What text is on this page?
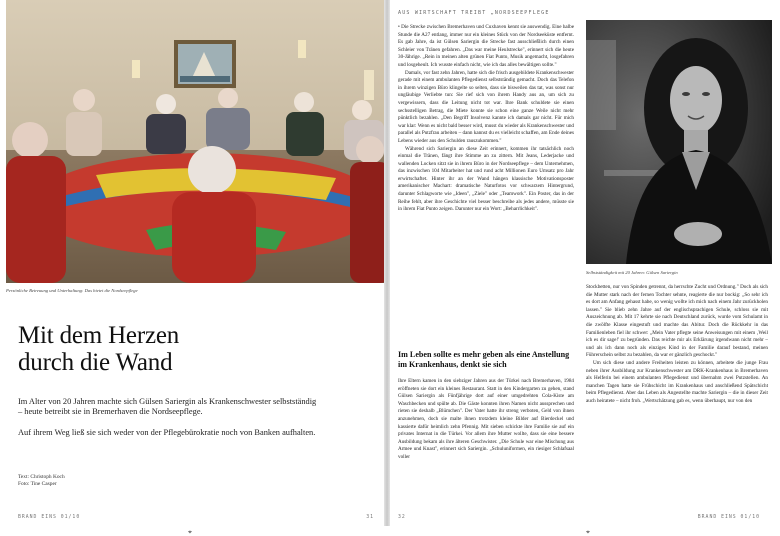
Persönliche Betreuung und Unterhaltung: Das bietet die Nordseepflege
Mit dem Herzen
durch die Wand

Im Alter von 20 Jahren machte sich Gülsen Sariergin als Krankenschwester selbstständig – heute betreibt sie in Bremerhaven die Nordseepflege.

Auf ihrem Weg ließ sie sich weder von der Pflegebürokratie noch von Banken aufhalten.

Text: Christoph Koch
Foto: Tine Casper
BRAND EINS 01/10	31
AUS WIRTSCHAFT TREIBT „NORDSEEPFLEGE

• Die Strecke zwischen Bremerhaven und Cuxhaven kennt sie auswendig. Eine halbe Stunde die A27 entlang, immer nur ein kleines Stück von der Nordseeküste entfernt. Es gab Jahre, da ist Gülsen Sariergin die Strecke fast ausschließlich durch einen Schleier von Tränen gefahren. „Das war meine Heulstrecke", erinnert sich die heute 30-Jährige. „Rein in meinen alten grünen Fiat Punto, Musik angemacht, losgefahren und losgeheult. Ich wusste einfach nicht, wie ich das alles bewältigen sollte."

Damals, vor fast zehn Jahren, hatte sich die frisch ausgebildete Krankenschwester gerade mit einem ambulanten Pflegedienst selbstständig gemacht. Doch das Telefon in ihrem winzigen Büro klingelte so selten, dass sie bisweilen das tat, was sonst nur ungläubige Verliebte tun: Sie rief sich von ihrem Handy aus an, um sich zu vergewissern, dass die Leitung nicht tot war. Ihre Bank schuldete sie einen sechsstelligen Betrag, die Miete konnte sie schon eine ganze Weile nicht mehr pünktlich bezahlen. „Den Begriff Insolvenz kannte ich damals gar nicht. Für mich war klar: Wenn es nicht bald besser wird, musst du wieder als Krankenschwester und parallel als Putzfrau arbeiten – dann kannst du es vielleicht schaffen, am Ende deines Lebens wieder aus den Schulden rauszukommen."

Während sich Sariergin an diese Zeit erinnert, kommen ihr tatsächlich noch einmal die Tränen, fängt ihre Stimme an zu zittern. Mit Jeans, Lederjacke und wallenden Locken sitzt sie in ihrem Büro in der Nordseepflege – dem Unternehmen, das inzwischen 104 Mitarbeiter hat und rund acht Millionen Euro Umsatz pro Jahr erwirtschaftet. Hinter ihr an der Wand hängen klassische Motivationsposter amerikanischer Machart: dramatische Naturfotos vor schwarzem Hintergrund, darunter Schlagworte wie „Ideen", „Ziele" oder „Teamwork". Ein Poster, das in der Reihe fehlt, aber ihre Geschichte viel besser beschreibe als jedes andere, müsste sie in ihrem Fiat Punto zeigen. Darunter nur ein Wort: „Beharrlichkeit".

Im Leben sollte es mehr geben als eine Anstellung im Krankenhaus, denkt sie sich

Ihre Eltern kamen in den siebziger Jahren aus der Türkei nach Bremerhaven, 1984 eröffneten sie dort ein kleines Restaurant. Statt in den Kindergarten zu gehen, stand Gülsen Sariergin als Fünfjährige dort auf einer umgedrehten Cola-Kiste am Waschbecken und spülte ab. Die Gäste konnten ihren Namen nicht aussprechen und rieten sie deshalb „Blümchen". Der Vater hatte ihr streng verboten, Geld von ihnen anzunehmen, doch sie malte ihnen trotzdem kleine Bilder auf Bierdeckel und kassierte dafür heimlich zehn Pfennig. Mit sieben schickte ihre Familie sie auf ein privates Internat in die Türkei. Vor allem ihre Mutter wollte, dass sie eine bessere Ausbildung bekam als ihre älteren Geschwister. „Die Schule war eine Mischung aus Armee und Knast", erinnert sich Sariergin. „Schuluniformen, ein riesiger Schlafsaal voller

Selbstständigkeit mit 20 Jahren: Gülsen Sariergin

Stockbetten, nur von Spinden getrennt, da herrschte Zucht und Ordnung." Doch als sich die Mutter stark nach der fernen Tochter sehnte, reagierte die nur bockig: „So sehr ich es dort am Anfang gehasst habe, so wenig wollte ich mich nach einem Jahr zurückholen lassen." Sie blieb zehn Jahre auf der englischsprachigen Schule, schloss sie mit Auszeichnung ab. Mit 17 kehrte sie nach Deutschland zurück, wurde vom Schulamt in die zwölfte Klasse eingestuft und machte das Abitur. Doch die Rückkehr in das Familienleben fiel ihr schwer: „Mein Vater pflegte seine Anweisungen mit einem ‚Weil ich es dir sage!' zu begründen. Das reichte mir als Erklärung irgendwann nicht mehr – und als ich dann noch als einziges Kind in der Familie darauf bestand, meinen Führerschein selbst zu bezahlen, da war er gänzlich geschockt."

Um sich diese und andere Freiheiten leisten zu können, arbeitete die junge Frau neben ihrer Ausbildung zur Krankenschwester am DRK-Krankenhaus in Bremerhaven als Helferin bei einem ambulanten Pflegedienst und übernahm zwei Putzstellen. An manchen Tagen hatte sie Frühschicht im Krankenhaus und anschließend Spätschicht beim Pflegedienst. Aber das Leben als Angestellte machte Sariergin – die in dieser Zeit auch heiratete – nicht froh. „Wertschätzung gab es, wenn überhaupt, nur von den

32	BRAND EINS 01/10
⌖	⌖
